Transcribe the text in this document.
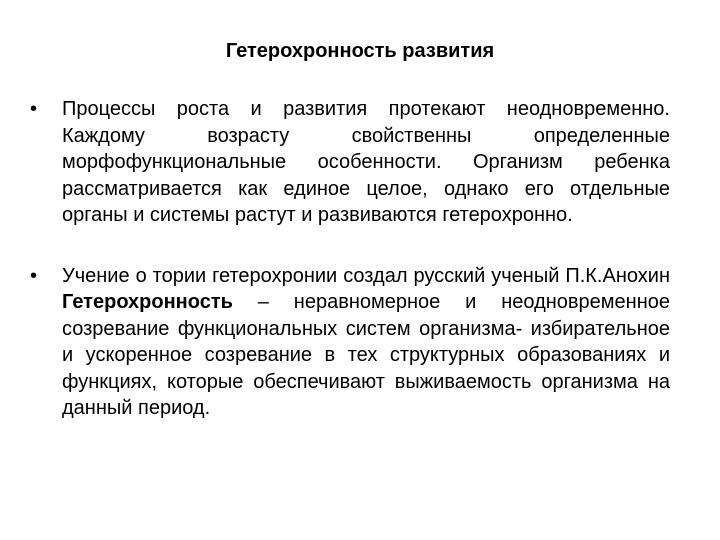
Гетерохронность развития
•	Процессы роста и развития протекают неодновременно. Каждому возрасту свойственны определенные морфофункциональные особенности. Организм ребенка рассматривается как единое целое, однако его отдельные органы и системы растут и развиваются гетерохронно.
•	Учение о тории гетерохронии создал русский ученый П.К.Анохин Гетерохронность – неравномерное и неодновременное созревание функциональных систем организма- избирательное и ускоренное созревание в тех структурных образованиях и функциях, которые обеспечивают выживаемость организма на данный период.
